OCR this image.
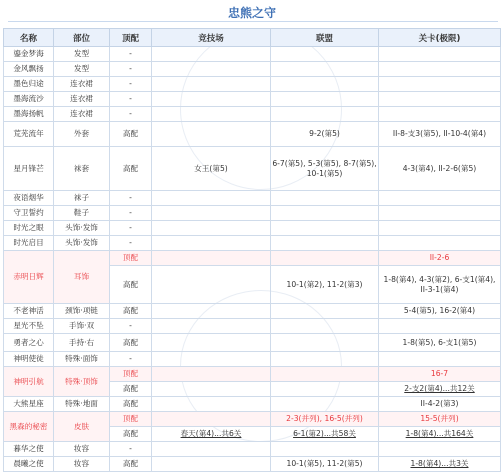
忠熊之守
名称	部位	顶配	竞技场	联盟	关卡(极限)
鎏金梦海	发型	-			
金风飘扬	发型	-			
墨色归途	连衣裙	-			
墨海流沙	连衣裙	-			
墨海扬帆	连衣裙	-			
荒芜流年	外套	高配		9-2(第5)	II-8-支3(第5), II-10-4(第4)
星月锋芒	袜套	高配	女王(第5)	6-7(第5), 5-3(第5), 8-7(第5), 10-1(第5)	4-3(第4), II-2-6(第5)
夜语烟华	袜子	-			
守卫誓约	鞋子	-			
时光之眼	头饰·发饰	-			
时光启目	头饰·发饰	-			
赤明日辉	耳饰	顶配			II-2-6
		高配		10-1(第2), 11-2(第3)	1-8(第4), 4-3(第2), 6-支1(第4), II-3-1(第4)
不老神活	颈饰·项链	高配			5-4(第5), 16-2(第4)
星光不坠	手饰·双	-			
勇者之心	手持·右	高配			1-8(第5), 6-支1(第5)
神明使徒	特殊·面饰	-			
神明引航	特殊·顶饰	顶配			16-7
		高配			2-支2(第4)...共12关
大熊星座	特殊·地面	高配			II-4-2(第3)
黑森的秘密	皮肤	顶配		2-3(并列), 16-5(并列)	15-5(并列)
		高配	春天(第4)...共6关	6-1(第2)...共58关	1-8(第4)...共164关
暮华之使	妆容	-			
晨曦之使	妆容	高配		10-1(第5), 11-2(第5)	1-8(第4)...共3关
